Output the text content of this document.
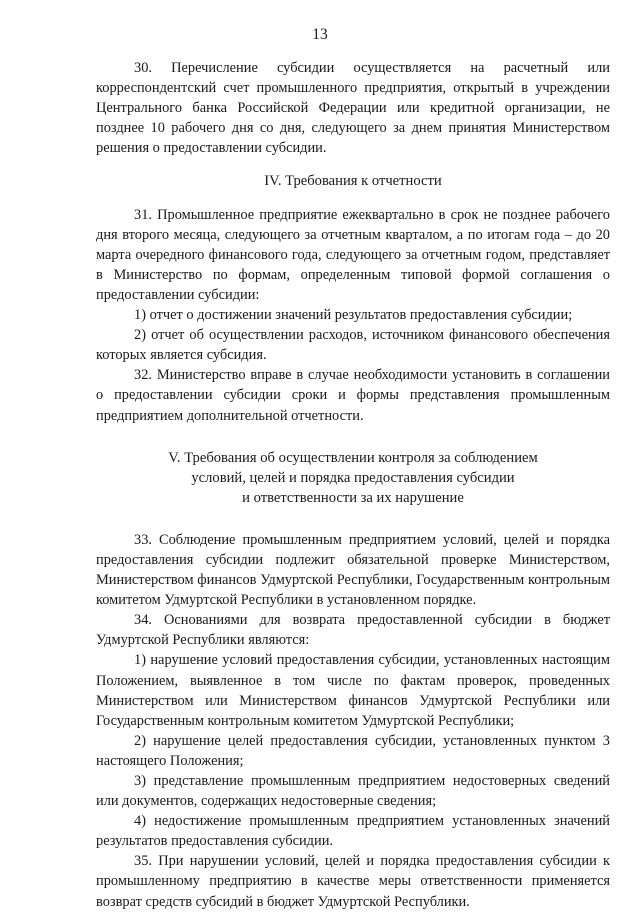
13

30. Перечисление субсидии осуществляется на расчетный или корреспондентский счет промышленного предприятия, открытый в учреждении Центрального банка Российской Федерации или кредитной организации, не позднее 10 рабочего дня со дня, следующего за днем принятия Министерством решения о предоставлении субсидии.

IV. Требования к отчетности

31. Промышленное предприятие ежеквартально в срок не позднее рабочего дня второго месяца, следующего за отчетным кварталом, а по итогам года – до 20 марта очередного финансового года, следующего за отчетным годом, представляет в Министерство по формам, определенным типовой формой соглашения о предоставлении субсидии:

1) отчет о достижении значений результатов предоставления субсидии;

2) отчет об осуществлении расходов, источником финансового обеспечения которых является субсидия.

32. Министерство вправе в случае необходимости установить в соглашении о предоставлении субсидии сроки и формы представления промышленным предприятием дополнительной отчетности.

V. Требования об осуществлении контроля за соблюдением
условий, целей и порядка предоставления субсидии
и ответственности за их нарушение

33. Соблюдение промышленным предприятием условий, целей и порядка предоставления субсидии подлежит обязательной проверке Министерством, Министерством финансов Удмуртской Республики, Государственным контрольным комитетом Удмуртской Республики в установленном порядке.

34. Основаниями для возврата предоставленной субсидии в бюджет Удмуртской Республики являются:

1) нарушение условий предоставления субсидии, установленных настоящим Положением, выявленное в том числе по фактам проверок, проведенных Министерством или Министерством финансов Удмуртской Республики или Государственным контрольным комитетом Удмуртской Республики;

2) нарушение целей предоставления субсидии, установленных пунктом 3 настоящего Положения;

3) представление промышленным предприятием недостоверных сведений или документов, содержащих недостоверные сведения;

4) недостижение промышленным предприятием установленных значений результатов предоставления субсидии.

35. При нарушении условий, целей и порядка предоставления субсидии к промышленному предприятию в качестве меры ответственности применяется возврат средств субсидий в бюджет Удмуртской Республики.
